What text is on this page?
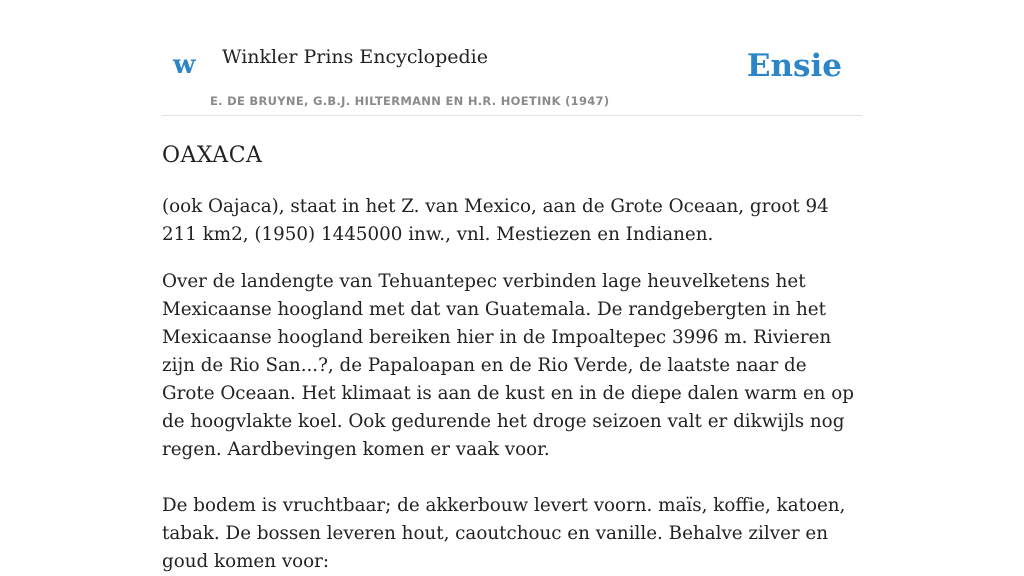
w Winkler Prins Encyclopedie
E. DE BRUYNE, G.B.J. HILTERMANN EN H.R. HOETINK (1947)
Ensie
OAXACA

(ook Oajaca), staat in het Z. van Mexico, aan de Grote Oceaan, groot 94 211 km2, (1950) 1445000 inw., vnl. Mestiezen en Indianen.

Over de landengte van Tehuantepec verbinden lage heuvelketens het Mexicaanse hoogland met dat van Guatemala. De randgebergten in het Mexicaanse hoogland bereiken hier in de Impoaltepec 3996 m. Rivieren zijn de Rio San...?, de Papaloapan en de Rio Verde, de laatste naar de Grote Oceaan. Het klimaat is aan de kust en in de diepe dalen warm en op de hoogvlakte koel. Ook gedurende het droge seizoen valt er dikwijls nog regen. Aardbevingen komen er vaak voor.

De bodem is vruchtbaar; de akkerbouw levert voorn. maïs, koffie, katoen, tabak. De bossen leveren hout, caoutchouc en vanille. Behalve zilver en goud komen voor:
